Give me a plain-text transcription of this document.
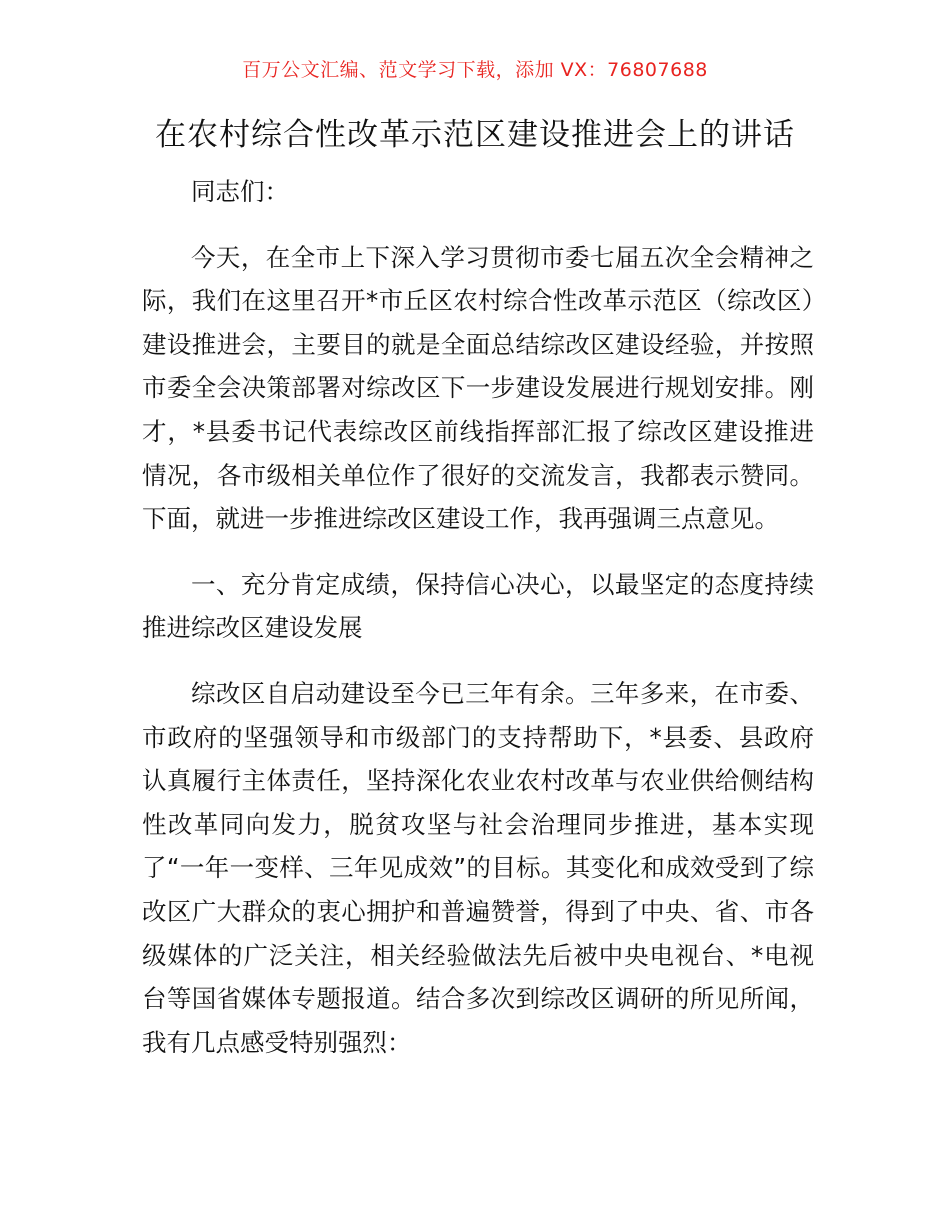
百万公文汇编、范文学习下载，添加 VX：76807688
在农村综合性改革示范区建设推进会上的讲话

同志们：

今天，在全市上下深入学习贯彻市委七届五次全会精神之际，我们在这里召开*市丘区农村综合性改革示范区（综改区）建设推进会，主要目的就是全面总结综改区建设经验，并按照市委全会决策部署对综改区下一步建设发展进行规划安排。刚才，*县委书记代表综改区前线指挥部汇报了综改区建设推进情况，各市级相关单位作了很好的交流发言，我都表示赞同。下面，就进一步推进综改区建设工作，我再强调三点意见。

一、充分肯定成绩，保持信心决心，以最坚定的态度持续推进综改区建设发展

综改区自启动建设至今已三年有余。三年多来，在市委、市政府的坚强领导和市级部门的支持帮助下，*县委、县政府认真履行主体责任，坚持深化农业农村改革与农业供给侧结构性改革同向发力，脱贫攻坚与社会治理同步推进，基本实现了“一年一变样、三年见成效”的目标。其变化和成效受到了综改区广大群众的衷心拥护和普遍赞誉，得到了中央、省、市各级媒体的广泛关注，相关经验做法先后被中央电视台、*电视台等国省媒体专题报道。结合多次到综改区调研的所见所闻，我有几点感受特别强烈：
